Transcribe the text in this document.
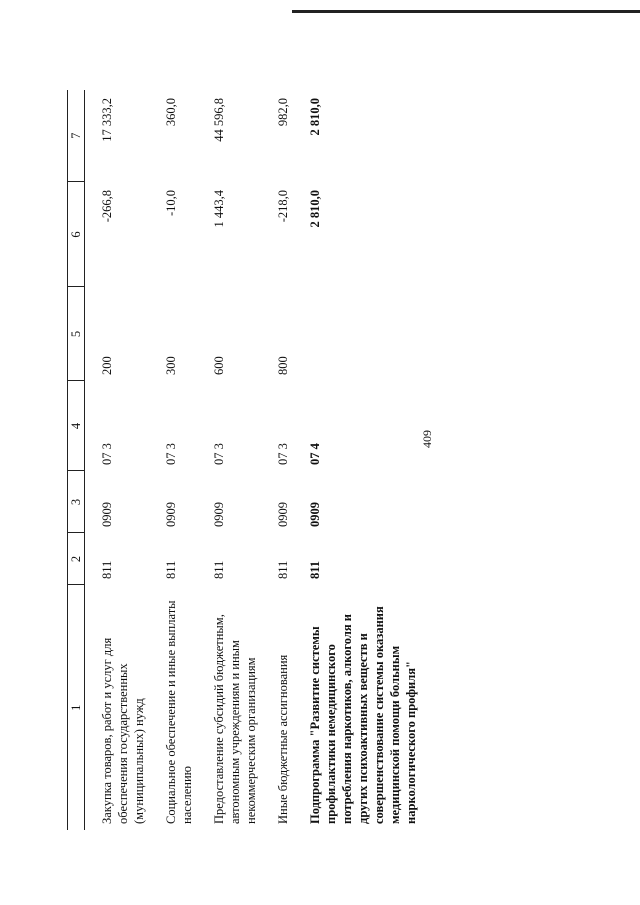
409
1	2	3	4	5	6	7
Закупка товаров, работ и услуг для обеспечения государственных (муниципальных) нужд	811	0909	07 3	200	-266,8	17 333,2
Социальное обеспечение и иные выплаты населению	811	0909	07 3	300	-10,0	360,0
Предоставление субсидий бюджетным, автономным учреждениям и иным некоммерческим организациям	811	0909	07 3	600	1 443,4	44 596,8
Иные бюджетные ассигнования	811	0909	07 3	800	-218,0	982,0
Подпрограмма "Развитие системы профилактики немедицинского потребления наркотиков, алкоголя и других психоактивных веществ и совершенствование системы оказания медицинской помощи больным наркологического профиля"	811	0909	07 4		2 810,0	2 810,0
